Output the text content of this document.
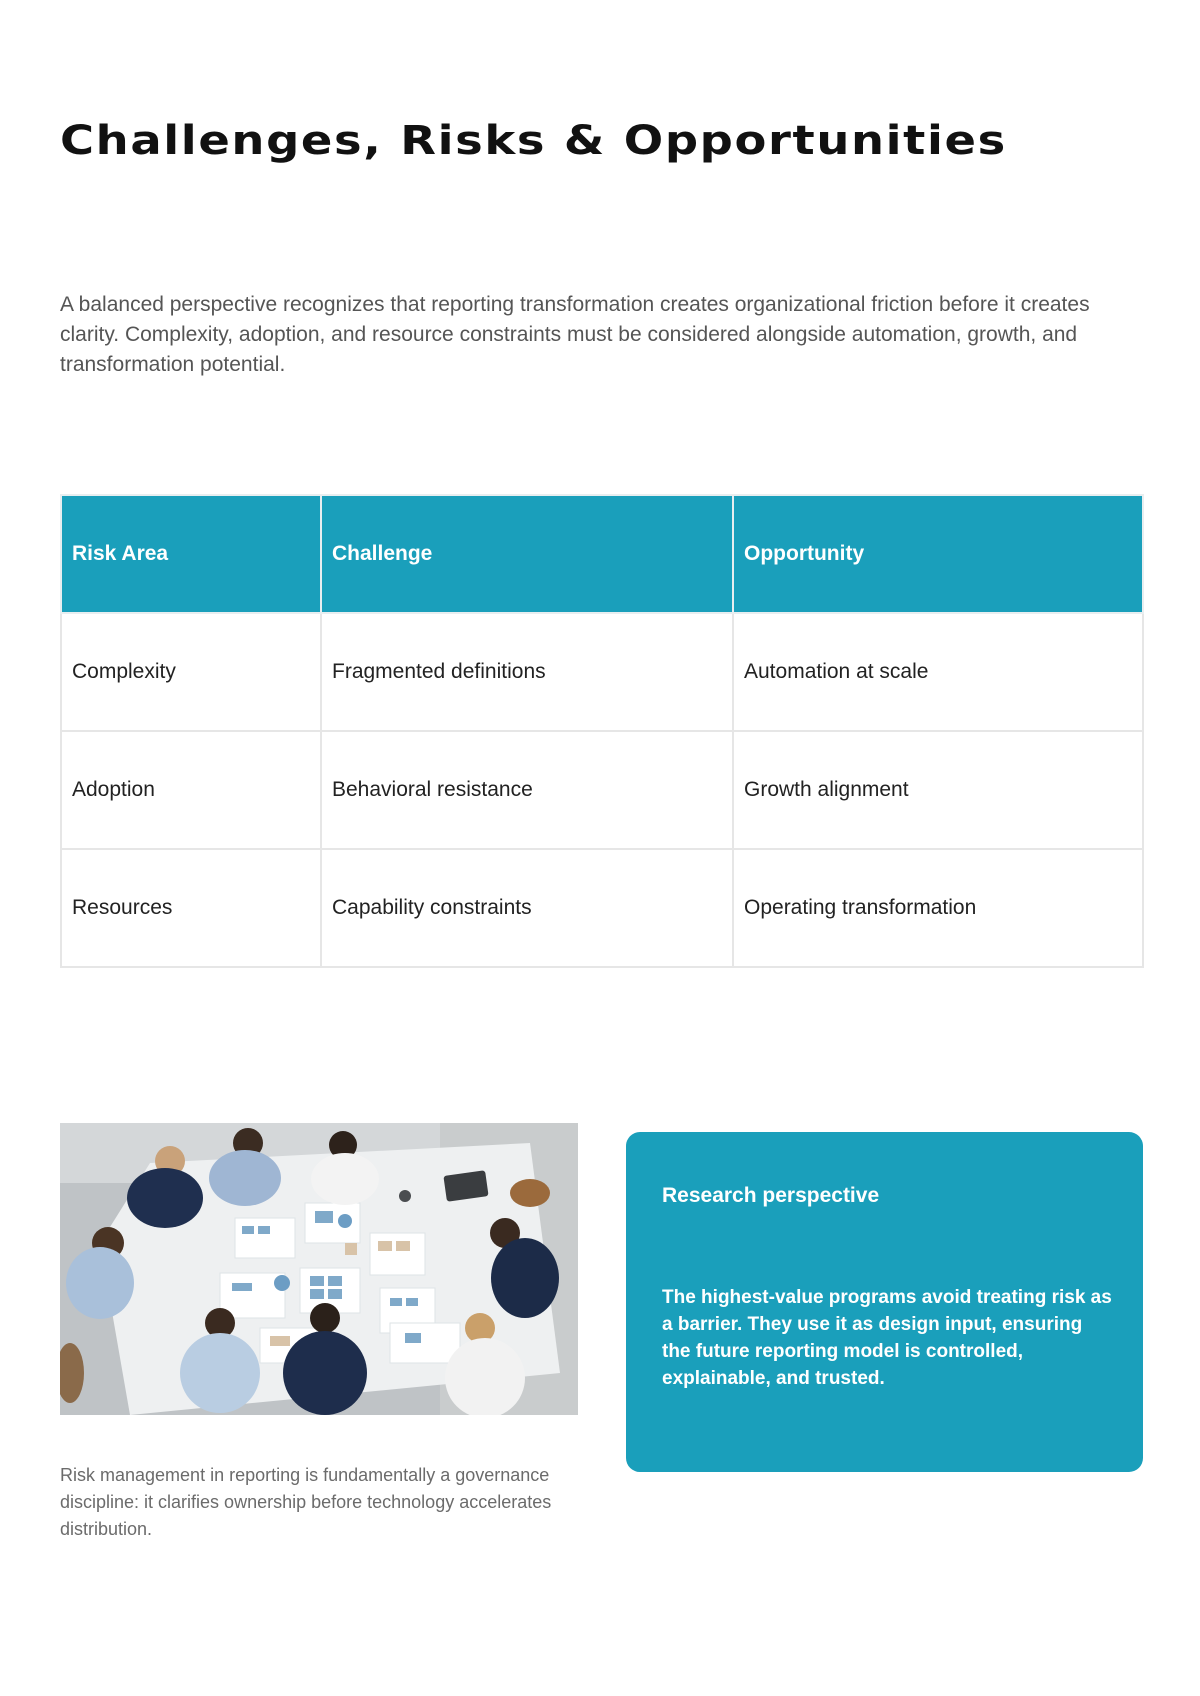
Challenges, Risks & Opportunities

A balanced perspective recognizes that reporting transformation creates organizational friction before it creates clarity. Complexity, adoption, and resource constraints must be considered alongside automation, growth, and transformation potential.

Risk Area	Challenge	Opportunity
Complexity	Fragmented definitions	Automation at scale
Adoption	Behavioral resistance	Growth alignment
Resources	Capability constraints	Operating transformation

Risk management in reporting is fundamentally a governance discipline: it clarifies ownership before technology accelerates distribution.

Research perspective

The highest-value programs avoid treating risk as a barrier. They use it as design input, ensuring the future reporting model is controlled, explainable, and trusted.
